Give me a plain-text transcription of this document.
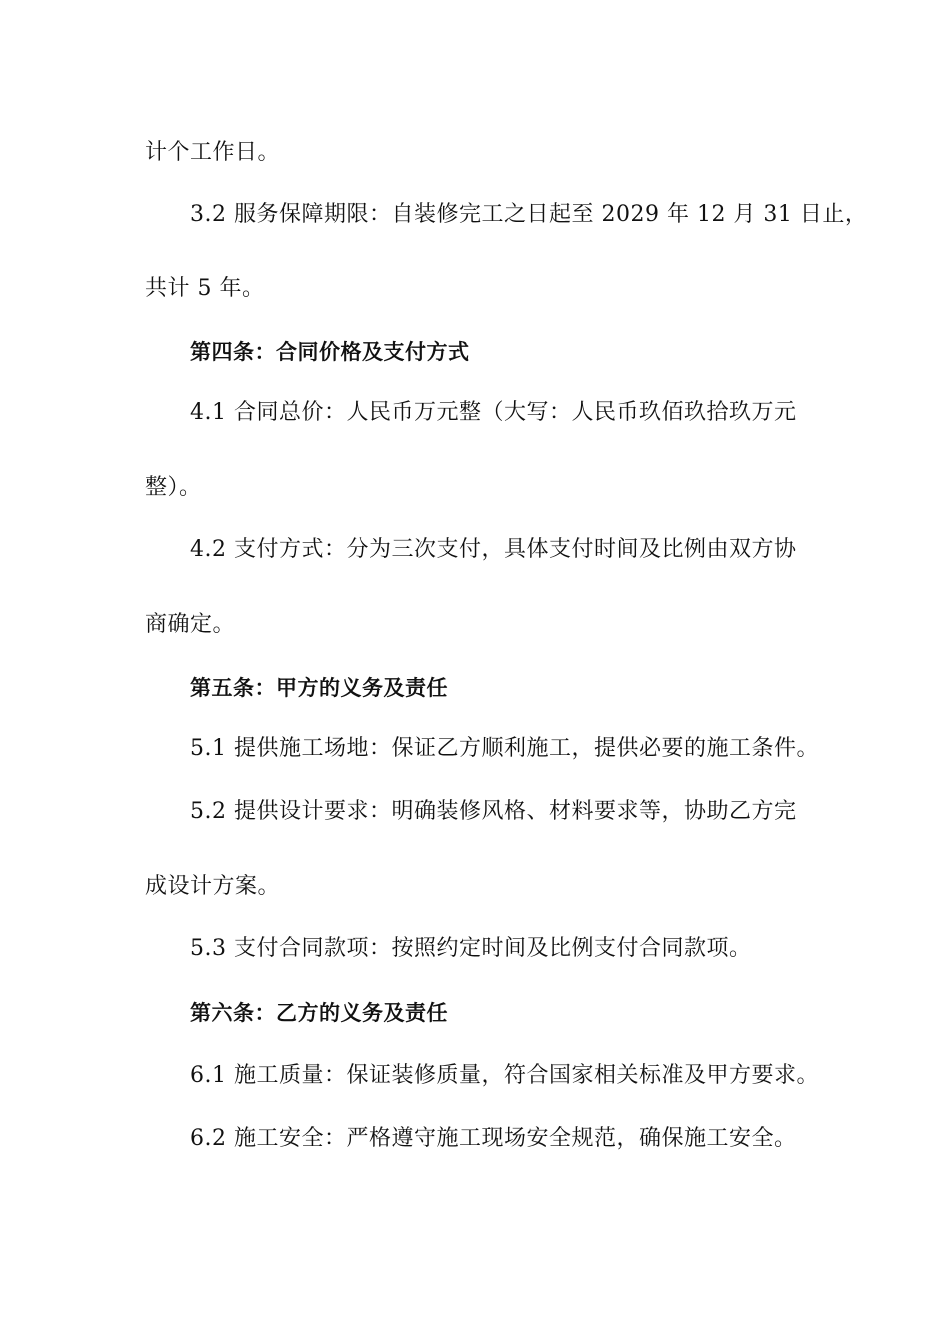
计个工作日。
3.2 服务保障期限：自装修完工之日起至 2029 年 12 月 31 日止，
共计 5 年。
第四条：合同价格及支付方式
4.1 合同总价：人民币万元整（大写：人民币玖佰玖拾玖万元
整）。
4.2 支付方式：分为三次支付，具体支付时间及比例由双方协
商确定。
第五条：甲方的义务及责任
5.1 提供施工场地：保证乙方顺利施工，提供必要的施工条件。
5.2 提供设计要求：明确装修风格、材料要求等，协助乙方完
成设计方案。
5.3 支付合同款项：按照约定时间及比例支付合同款项。
第六条：乙方的义务及责任
6.1 施工质量：保证装修质量，符合国家相关标准及甲方要求。
6.2 施工安全：严格遵守施工现场安全规范，确保施工安全。
